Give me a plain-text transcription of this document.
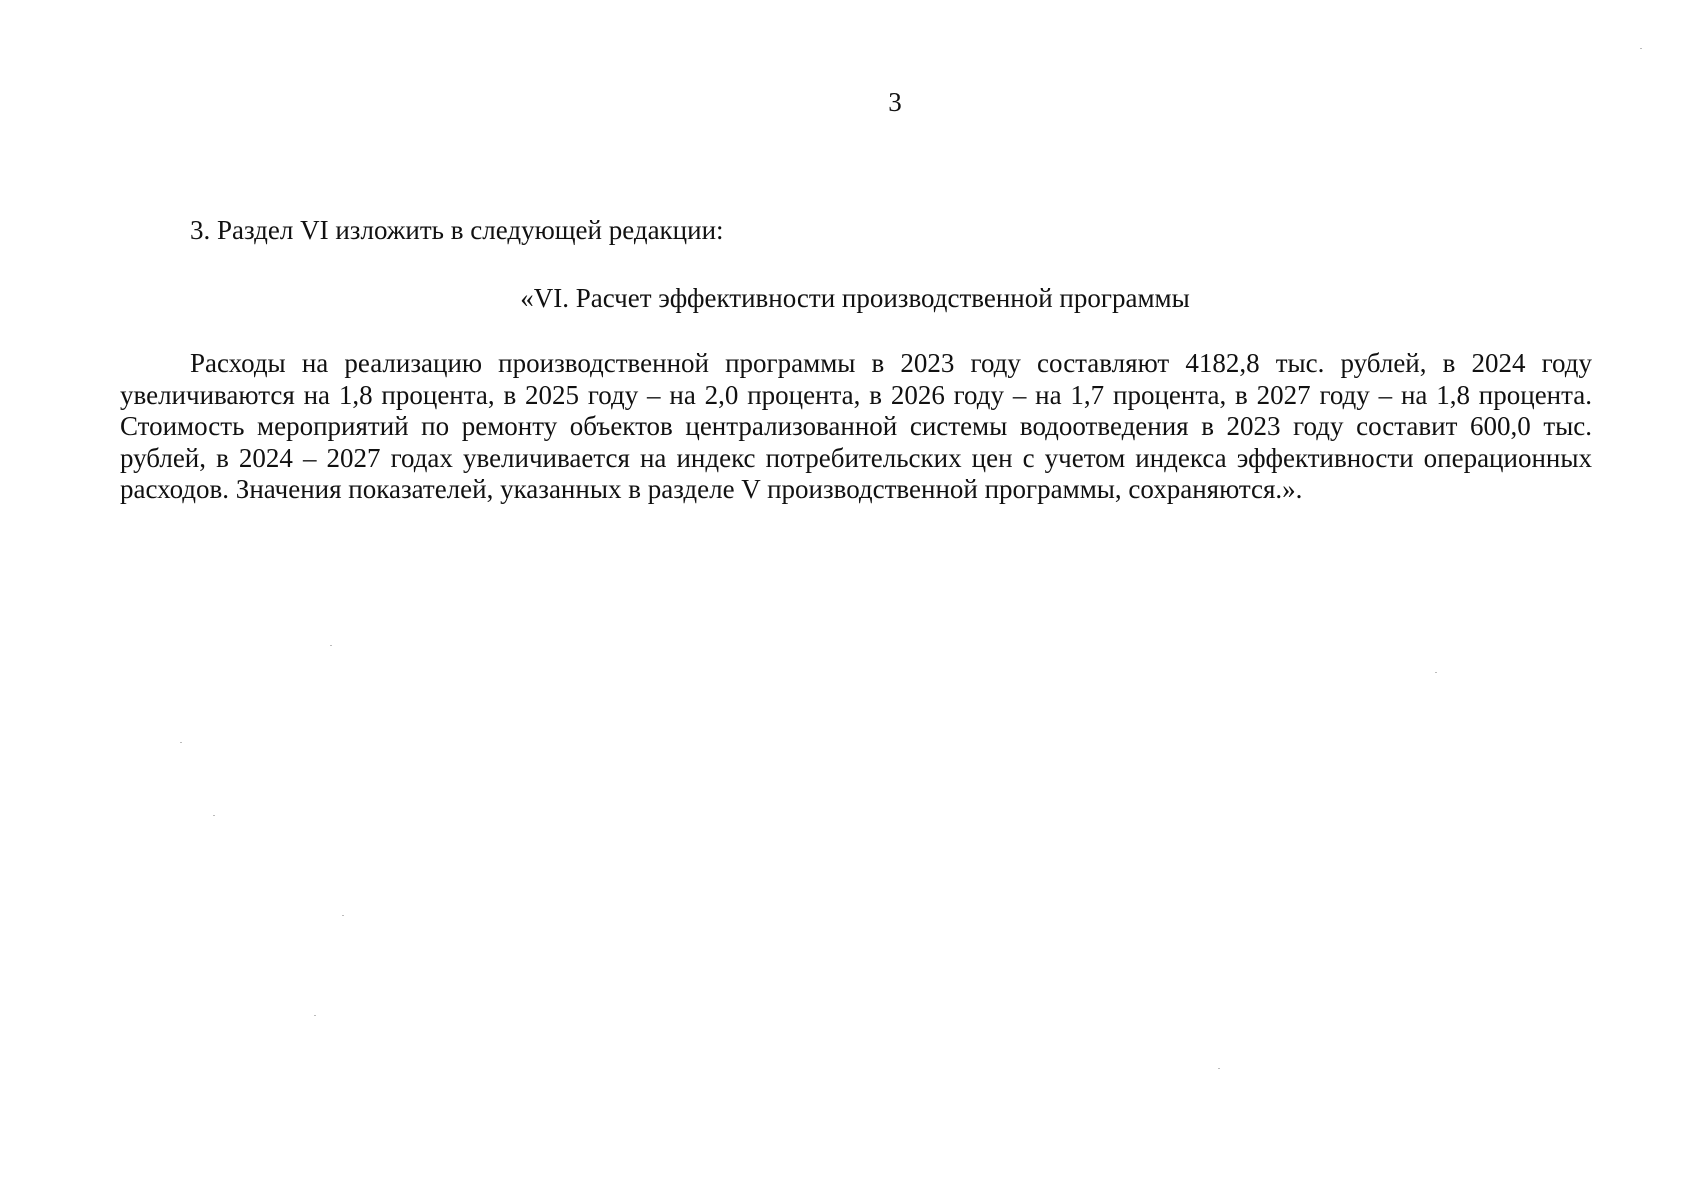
3
3. Раздел VI изложить в следующей редакции:
«VI. Расчет эффективности производственной программы

Расходы на реализацию производственной программы в 2023 году составляют 4182,8 тыс. рублей, в 2024 году увеличиваются на 1,8 процента, в 2025 году – на 2,0 процента, в 2026 году – на 1,7 процента, в 2027 году – на 1,8 процента. Стоимость мероприятий по ремонту объектов централизованной системы водоотведения в 2023 году составит 600,0 тыс. рублей, в 2024 – 2027 годах увеличивается на индекс потребительских цен с учетом индекса эффективности операционных расходов. Значения показателей, указанных в разделе V производственной программы, сохраняются.».
